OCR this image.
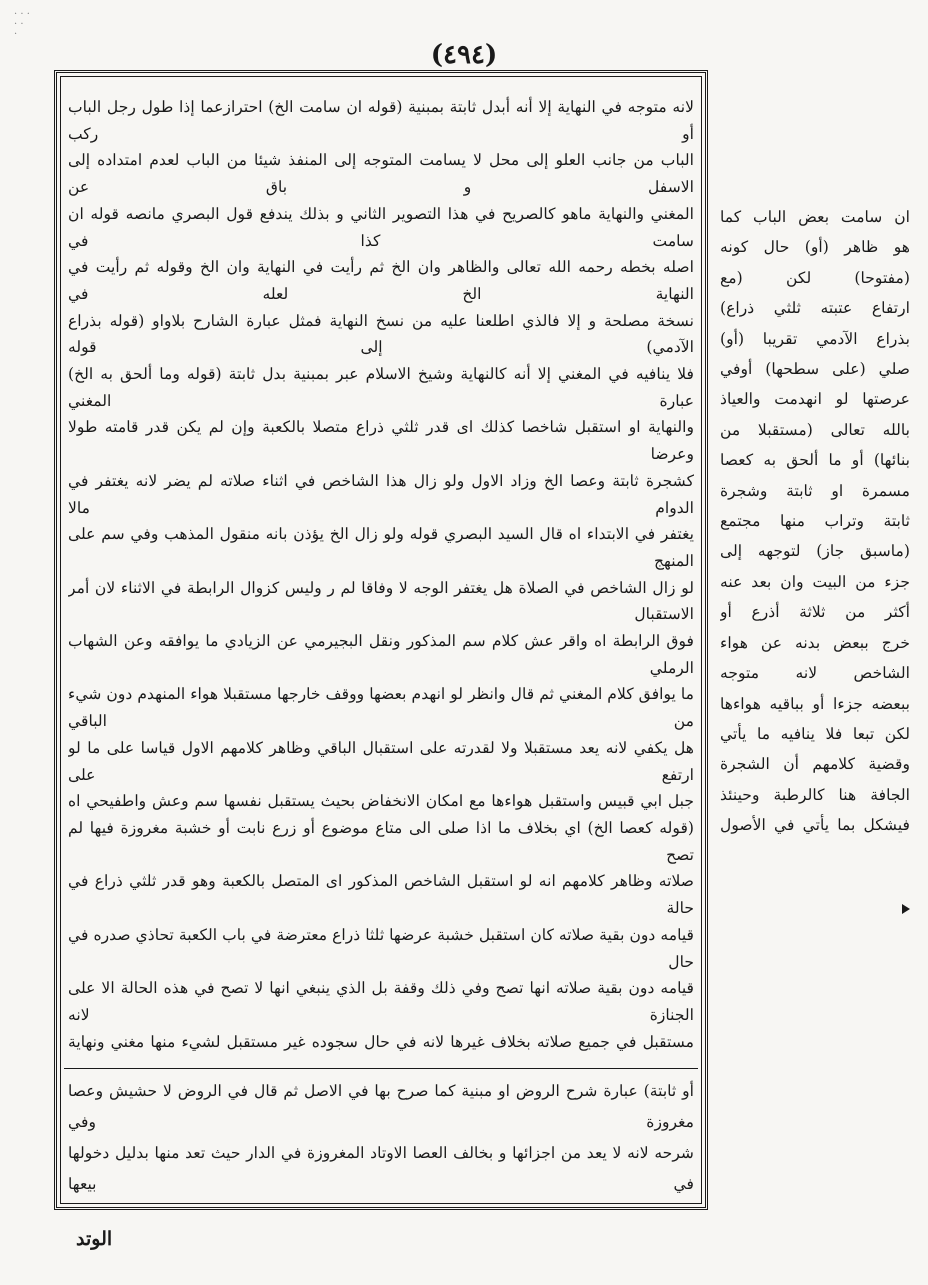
· · ·
· ·
·
(٤٩٤)

لانه متوجه في النهاية إلا أنه أبدل ثابتة بمبنية (قوله ان سامت الخ) احترازعما إذا طول رجل الباب أو ركب

الباب من جانب العلو إلى محل لا يسامت المتوجه إلى المنفذ شيئا من الباب لعدم امتداده إلى الاسفل و باق عن

المغني والنهاية ماهو كالصريح في هذا التصوير الثاني و بذلك يندفع قول البصري مانصه قوله ان سامت كذا في

اصله بخطه رحمه الله تعالى والظاهر وان الخ ثم رأيت في النهاية وان الخ وقوله ثم رأيت في النهاية الخ لعله في

نسخة مصلحة و إلا فالذي اطلعنا عليه من نسخ النهاية فمثل عبارة الشارح بلاواو (قوله بذراع الآدمي) إلى قوله

فلا ينافيه في المغني إلا أنه كالنهاية وشيخ الاسلام عبر بمبنية بدل ثابتة (قوله وما ألحق به الخ) عبارة المغني

والنهاية او استقبل شاخصا كذلك اى قدر ثلثي ذراع متصلا بالكعبة وإن لم يكن قدر قامته طولا وعرضا

كشجرة ثابتة وعصا الخ وزاد الاول ولو زال هذا الشاخص في اثناء صلاته لم يضر لانه يغتفر في الدوام مالا

يغتفر في الابتداء اه قال السيد البصري قوله ولو زال الخ يؤذن بانه منقول المذهب وفي سم على المنهج

لو زال الشاخص في الصلاة هل يغتفر الوجه لا وفاقا لم ر وليس كزوال الرابطة في الاثناء لان أمر الاستقبال

فوق الرابطة اه واقر عش كلام سم المذكور ونقل البجيرمي عن الزيادي ما يوافقه وعن الشهاب الرملي

ما يوافق كلام المغني ثم قال وانظر لو انهدم بعضها ووقف خارجها مستقبلا هواء المنهدم دون شيء من الباقي

هل يكفي لانه يعد مستقبلا ولا لقدرته على استقبال الباقي وظاهر كلامهم الاول قياسا على ما لو ارتفع على

جبل ابي قبيس واستقبل هواءها مع امكان الانخفاض بحيث يستقبل نفسها سم وعش واطفيحي اه

(قوله كعصا الخ) اي بخلاف ما اذا صلى الى متاع موضوع أو زرع نابت أو خشبة مغروزة فيها لم تصح

صلاته وظاهر كلامهم انه لو استقبل الشاخص المذكور اى المتصل بالكعبة وهو قدر ثلثي ذراع في حالة

قيامه دون بقية صلاته كان استقبل خشبة عرضها ثلثا ذراع معترضة في باب الكعبة تحاذي صدره في حال

قيامه دون بقية صلاته انها تصح وفي ذلك وقفة بل الذي ينبغي انها لا تصح في هذه الحالة الا على الجنازة لانه

مستقبل في جميع صلاته بخلاف غيرها لانه في حال سجوده غير مستقبل لشيء منها مغني ونهاية

أو ثابتة) عبارة شرح الروض او مبنية كما صرح بها في الاصل ثم قال في الروض لا حشيش وعصا مغروزة وفي

شرحه لانه لا يعد من اجزائها و بخالف العصا الاوتاد المغروزة في الدار حيث تعد منها بدليل دخولها في بيعها

ان سامت بعض الباب كما

هو ظاهر (أو) حال كونه

(مفتوحا) لكن (مع

ارتفاع عتبته ثلثي ذراع)

بذراع الآدمي تقريبا (أو)

صلي (على سطحها) أوفي

عرصتها لو انهدمت والعياذ

بالله تعالى (مستقبلا من

بنائها) أو ما ألحق به كعصا

مسمرة او ثابتة وشجرة

ثابتة وتراب منها مجتمع

(ماسبق جاز) لتوجهه إلى

جزء من البيت وان بعد عنه

أكثر من ثلاثة أذرع أو

خرج ببعض بدنه عن هواء

الشاخص لانه متوجه

ببعضه جزءا أو بباقيه هواءها

لكن تبعا فلا ينافيه ما يأتي

وقضية كلامهم أن الشجرة

الجافة هنا كالرطبة وحينئذ

فيشكل بما يأتي في الأصول

الوتد
